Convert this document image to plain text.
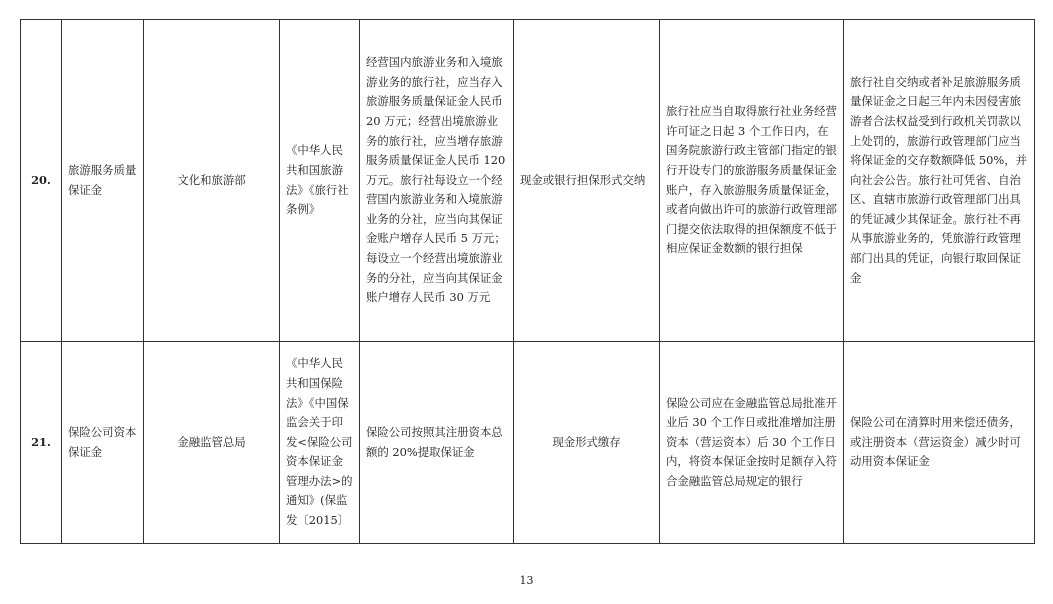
20.	旅游服务质量保证金	文化和旅游部	《中华人民共和国旅游法》《旅行社条例》	经营国内旅游业务和入境旅游业务的旅行社，应当存入旅游服务质量保证金人民币 20 万元；经营出境旅游业务的旅行社，应当增存旅游服务质量保证金人民币 120 万元。旅行社每设立一个经营国内旅游业务和入境旅游业务的分社，应当向其保证金账户增存人民币 5 万元；每设立一个经营出境旅游业务的分社，应当向其保证金账户增存人民币 30 万元	现金或银行担保形式交纳	旅行社应当自取得旅行社业务经营许可证之日起 3 个工作日内，在国务院旅游行政主管部门指定的银行开设专门的旅游服务质量保证金账户，存入旅游服务质量保证金，或者向做出许可的旅游行政管理部门提交依法取得的担保额度不低于相应保证金数额的银行担保	旅行社自交纳或者补足旅游服务质量保证金之日起三年内未因侵害旅游者合法权益受到行政机关罚款以上处罚的，旅游行政管理部门应当将保证金的交存数额降低 50%，并向社会公告。旅行社可凭省、自治区、直辖市旅游行政管理部门出具的凭证减少其保证金。旅行社不再从事旅游业务的，凭旅游行政管理部门出具的凭证，向银行取回保证金
21.	保险公司资本保证金	金融监管总局	《中华人民共和国保险法》《中国保监会关于印发<保险公司资本保证金管理办法>的通知》(保监发〔2015〕	保险公司按照其注册资本总额的 20%提取保证金	现金形式缴存	保险公司应在金融监管总局批准开业后 30 个工作日或批准增加注册资本（营运资本）后 30 个工作日内，将资本保证金按时足额存入符合金融监管总局规定的银行	保险公司在清算时用来偿还债务，或注册资本（营运资金）减少时可动用资本保证金
13
